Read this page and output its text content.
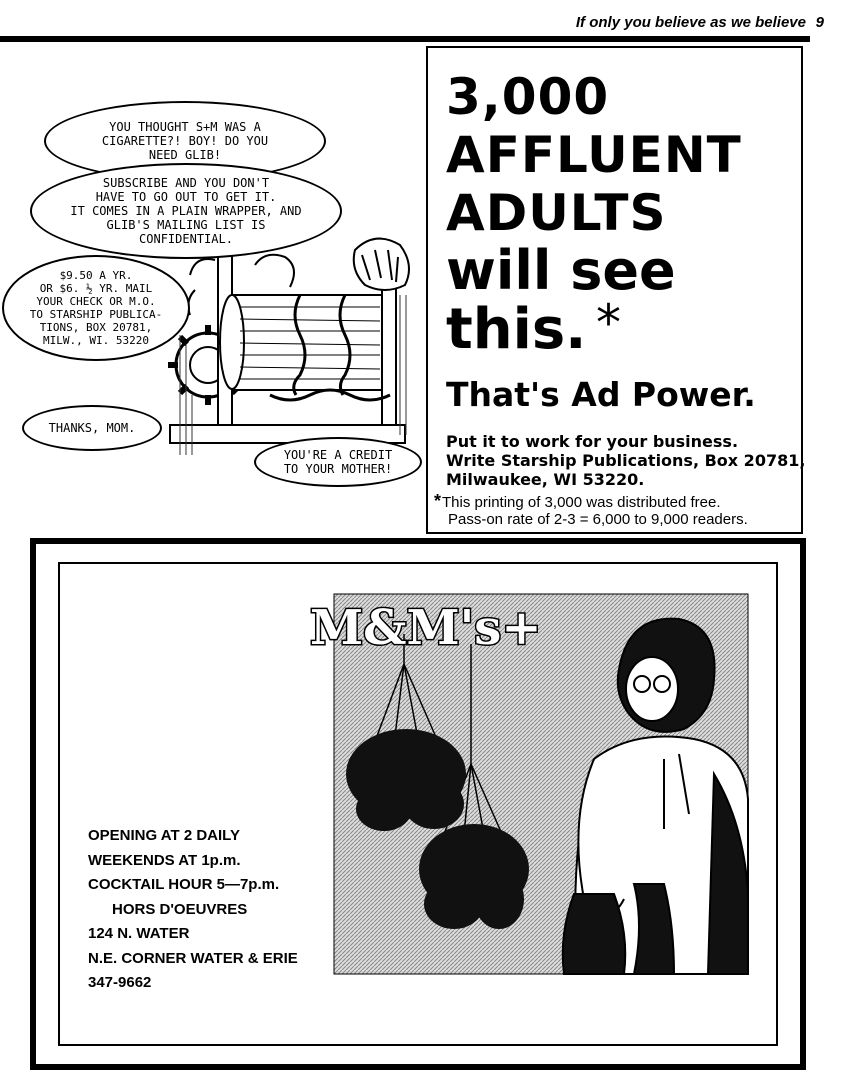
If only you believe as we believe 9
YOU THOUGHT S+M WAS A
CIGARETTE?! BOY! DO YOU
NEED GLIB!
SUBSCRIBE AND YOU DON'T
HAVE TO GO OUT TO GET IT.
IT COMES IN A PLAIN WRAPPER, AND
GLIB'S MAILING LIST IS
CONFIDENTIAL.
$9.50 A YR.
OR $6. ½ YR. MAIL
YOUR CHECK OR M.O.
TO STARSHIP PUBLICA-
TIONS, BOX 20781,
MILW., WI. 53220
THANKS, MOM.
YOU'RE A CREDIT
TO YOUR MOTHER!
3,000
AFFLUENT
ADULTS
will see
this. *
That's Ad Power.
Put it to work for your business.
Write Starship Publications, Box 20781,
Milwaukee, WI 53220.
*This printing of 3,000 was distributed free.
Pass-on rate of 2-3 = 6,000 to 9,000 readers.
M&M's+
OPENING AT 2 DAILY
WEEKENDS AT 1p.m.
COCKTAIL HOUR 5—7p.m.
HORS D'OEUVRES
124 N. WATER
N.E. CORNER WATER & ERIE
347-9662
